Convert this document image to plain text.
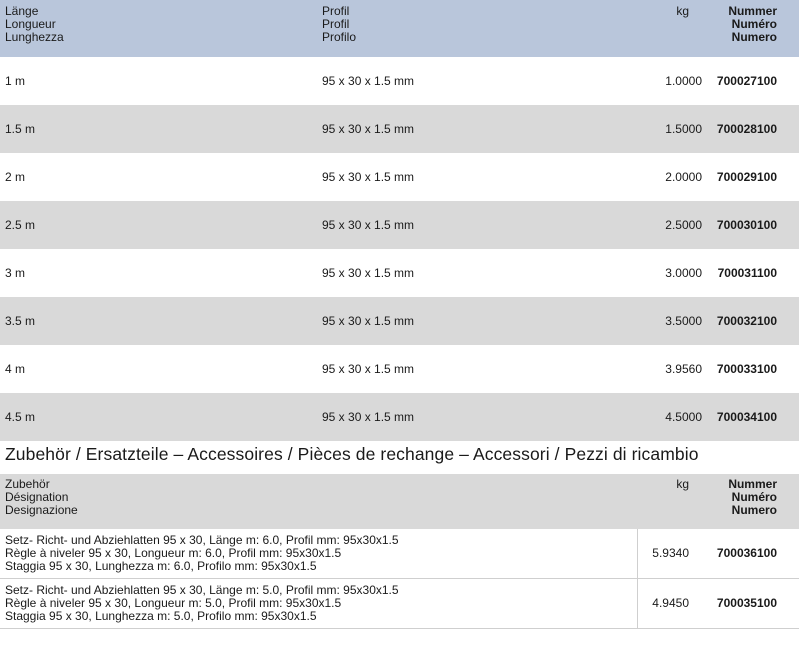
Länge
Longueur
Lunghezza
Profil
Profil
Profilo
kg	Nummer
Numéro
Numero
1 m	95 x 30 x 1.5 mm	1.0000 700027100
1.5 m	95 x 30 x 1.5 mm	1.5000 700028100
2 m	95 x 30 x 1.5 mm	2.0000 700029100
2.5 m	95 x 30 x 1.5 mm	2.5000 700030100
3 m	95 x 30 x 1.5 mm	3.0000 700031100
3.5 m	95 x 30 x 1.5 mm	3.5000 700032100
4 m	95 x 30 x 1.5 mm	3.9560 700033100
4.5 m	95 x 30 x 1.5 mm	4.5000 700034100
Zubehör / Ersatzteile – Accessoires / Pièces de rechange – Accessori / Pezzi di ricambio
Zubehör
Désignation
Designazione
kg	Nummer
Numéro
Numero
Setz- Richt- und Abziehlatten 95 x 30, Länge m: 6.0, Profil mm: 95x30x1.5
Règle à niveler 95 x 30, Longueur m: 6.0, Profil mm: 95x30x1.5
Staggia 95 x 30, Lunghezza m: 6.0, Profilo mm: 95x30x1.5
5.9340 700036100
Setz- Richt- und Abziehlatten 95 x 30, Länge m: 5.0, Profil mm: 95x30x1.5
Règle à niveler 95 x 30, Longueur m: 5.0, Profil mm: 95x30x1.5
Staggia 95 x 30, Lunghezza m: 5.0, Profilo mm: 95x30x1.5
4.9450 700035100
